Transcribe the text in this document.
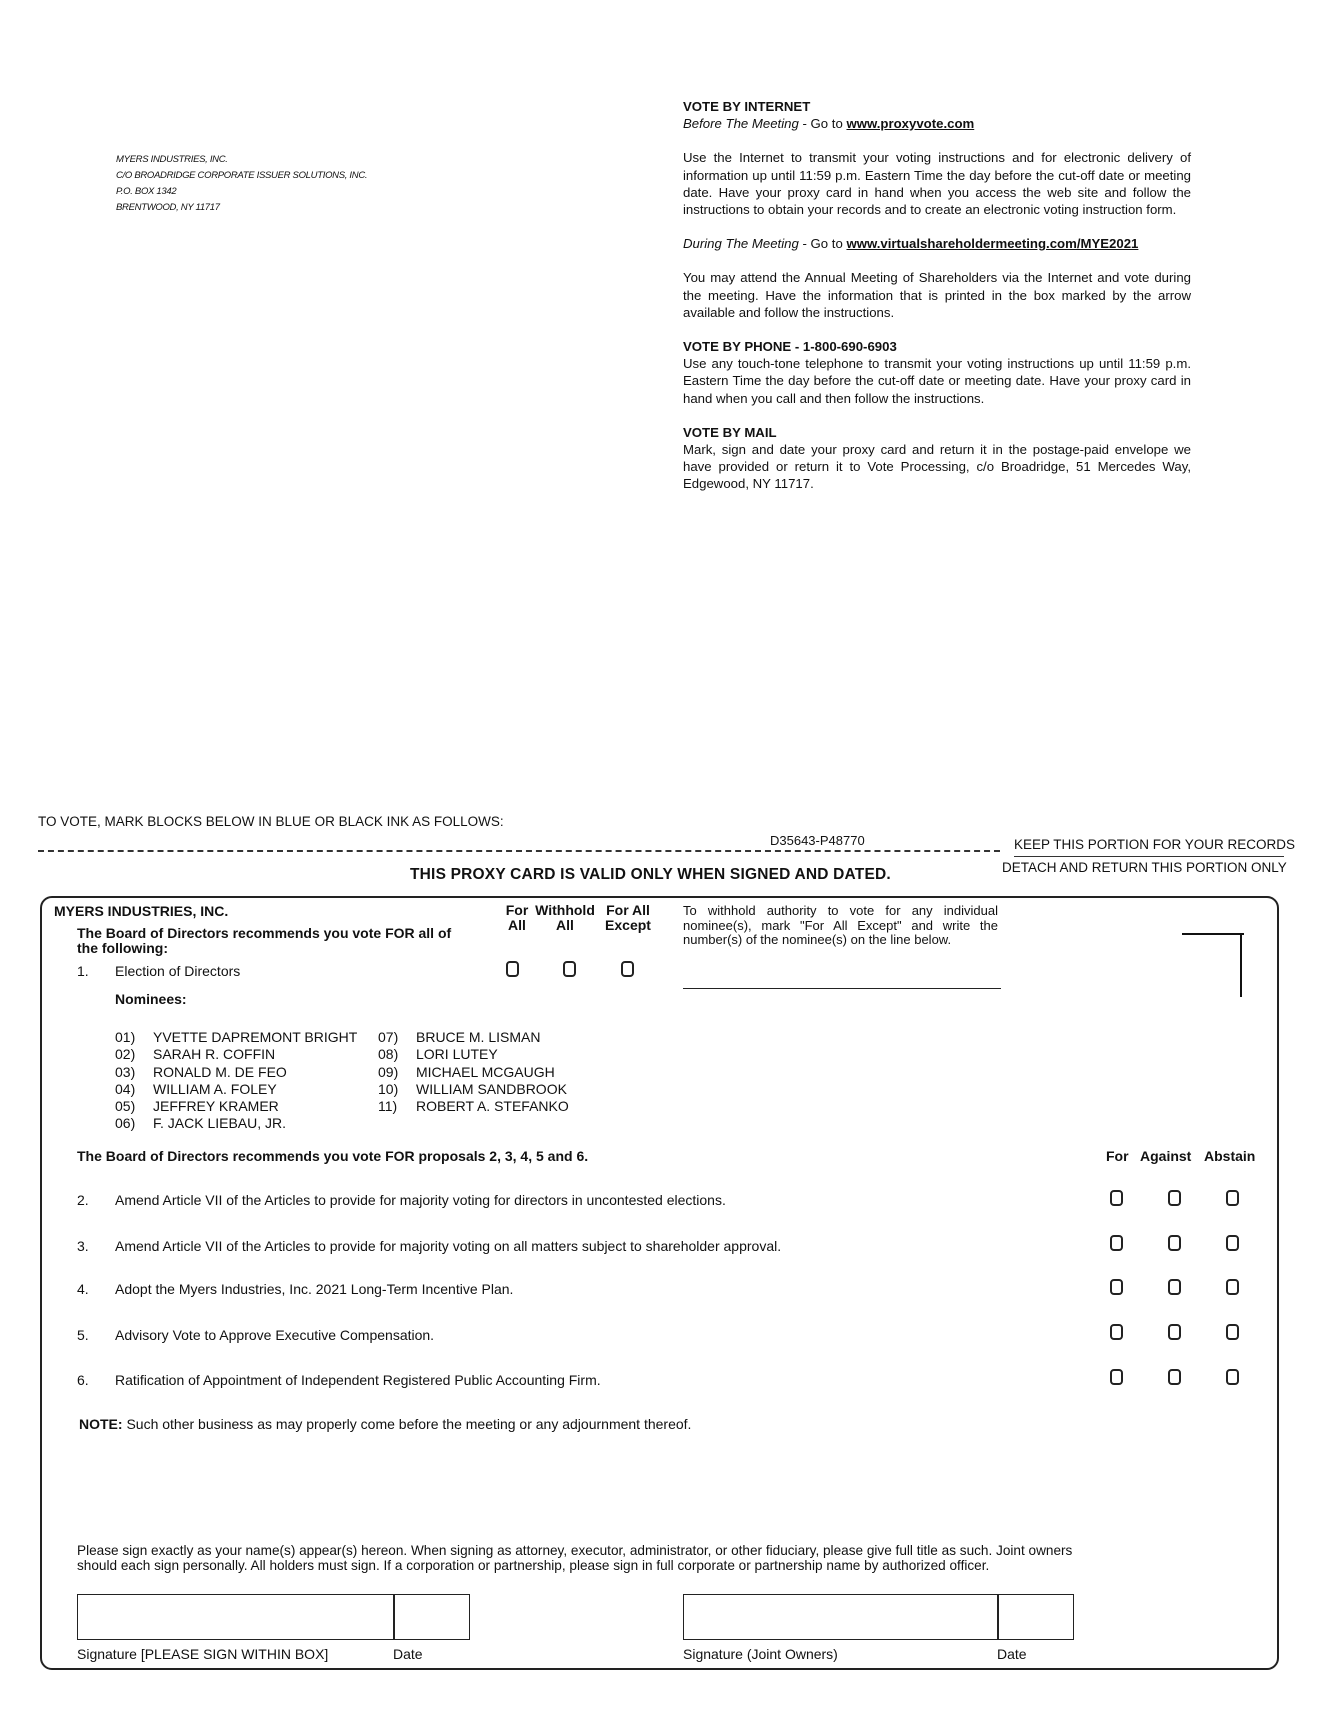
MYERS INDUSTRIES, INC.
C/O BROADRIDGE CORPORATE ISSUER SOLUTIONS, INC.
P.O. BOX 1342
BRENTWOOD, NY 11717
VOTE BY INTERNET
Before The Meeting - Go to www.proxyvote.com

Use the Internet to transmit your voting instructions and for electronic delivery of information up until 11:59 p.m. Eastern Time the day before the cut-off date or meeting date. Have your proxy card in hand when you access the web site and follow the instructions to obtain your records and to create an electronic voting instruction form.

During The Meeting - Go to www.virtualshareholdermeeting.com/MYE2021

You may attend the Annual Meeting of Shareholders via the Internet and vote during the meeting. Have the information that is printed in the box marked by the arrow available and follow the instructions.

VOTE BY PHONE - 1-800-690-6903

Use any touch-tone telephone to transmit your voting instructions up until 11:59 p.m. Eastern Time the day before the cut-off date or meeting date. Have your proxy card in hand when you call and then follow the instructions.

VOTE BY MAIL

Mark, sign and date your proxy card and return it in the postage-paid envelope we have provided or return it to Vote Processing, c/o Broadridge, 51 Mercedes Way, Edgewood, NY 11717.

TO VOTE, MARK BLOCKS BELOW IN BLUE OR BLACK INK AS FOLLOWS:
D35643-P48770	KEEP THIS PORTION FOR YOUR RECORDS
DETACH AND RETURN THIS PORTION ONLY
THIS PROXY CARD IS VALID ONLY WHEN SIGNED AND DATED.
MYERS INDUSTRIES, INC.
The Board of Directors recommends you vote FOR all of the following:
For All
Withhold All
For All Except
To withhold authority to vote for any individual nominee(s), mark "For All Except" and write the number(s) of the nominee(s) on the line below.
1. Election of Directors
Nominees:
01) YVETTE DAPREMONT BRIGHT
02) SARAH R. COFFIN
03) RONALD M. DE FEO
04) WILLIAM A. FOLEY
05) JEFFREY KRAMER
06) F. JACK LIEBAU, JR.
07) BRUCE M. LISMAN
08) LORI LUTEY
09) MICHAEL MCGAUGH
10) WILLIAM SANDBROOK
11) ROBERT A. STEFANKO
The Board of Directors recommends you vote FOR proposals 2, 3, 4, 5 and 6.	For Against Abstain
2. Amend Article VII of the Articles to provide for majority voting for directors in uncontested elections.
3. Amend Article VII of the Articles to provide for majority voting on all matters subject to shareholder approval.
4. Adopt the Myers Industries, Inc. 2021 Long-Term Incentive Plan.
5. Advisory Vote to Approve Executive Compensation.
6. Ratification of Appointment of Independent Registered Public Accounting Firm.
NOTE: Such other business as may properly come before the meeting or any adjournment thereof.
Please sign exactly as your name(s) appear(s) hereon. When signing as attorney, executor, administrator, or other fiduciary, please give full title as such. Joint owners should each sign personally. All holders must sign. If a corporation or partnership, please sign in full corporate or partnership name by authorized officer.
Signature [PLEASE SIGN WITHIN BOX]	Date	Signature (Joint Owners)	Date
